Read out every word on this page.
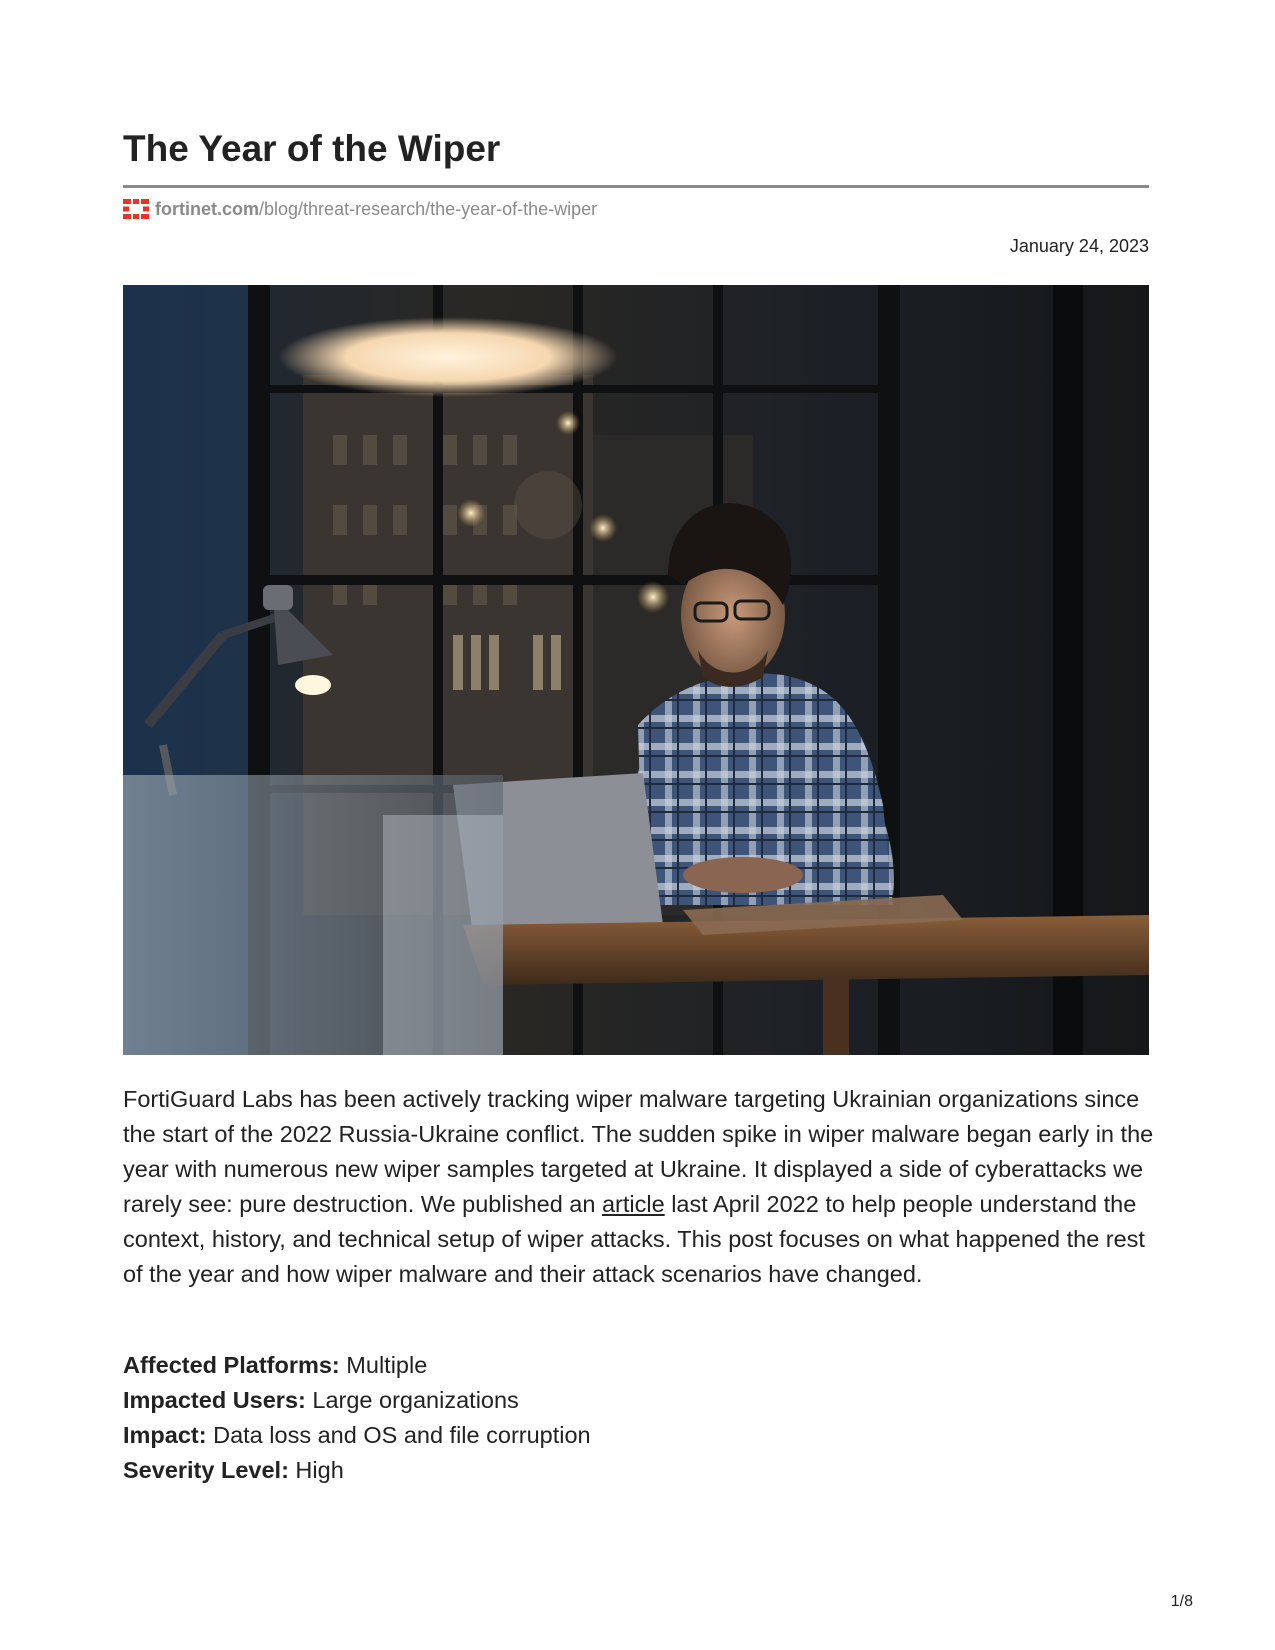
The Year of the Wiper
fortinet.com /blog/threat-research/the-year-of-the-wiper
January 24, 2023

FortiGuard Labs has been actively tracking wiper malware targeting Ukrainian organizations since the start of the 2022 Russia-Ukraine conflict. The sudden spike in wiper malware began early in the year with numerous new wiper samples targeted at Ukraine. It displayed a side of cyberattacks we rarely see: pure destruction. We published an article last April 2022 to help people understand the context, history, and technical setup of wiper attacks. This post focuses on what happened the rest of the year and how wiper malware and their attack scenarios have changed.

Affected Platforms: Multiple
Impacted Users: Large organizations
Impact: Data loss and OS and file corruption
Severity Level: High
1/8
